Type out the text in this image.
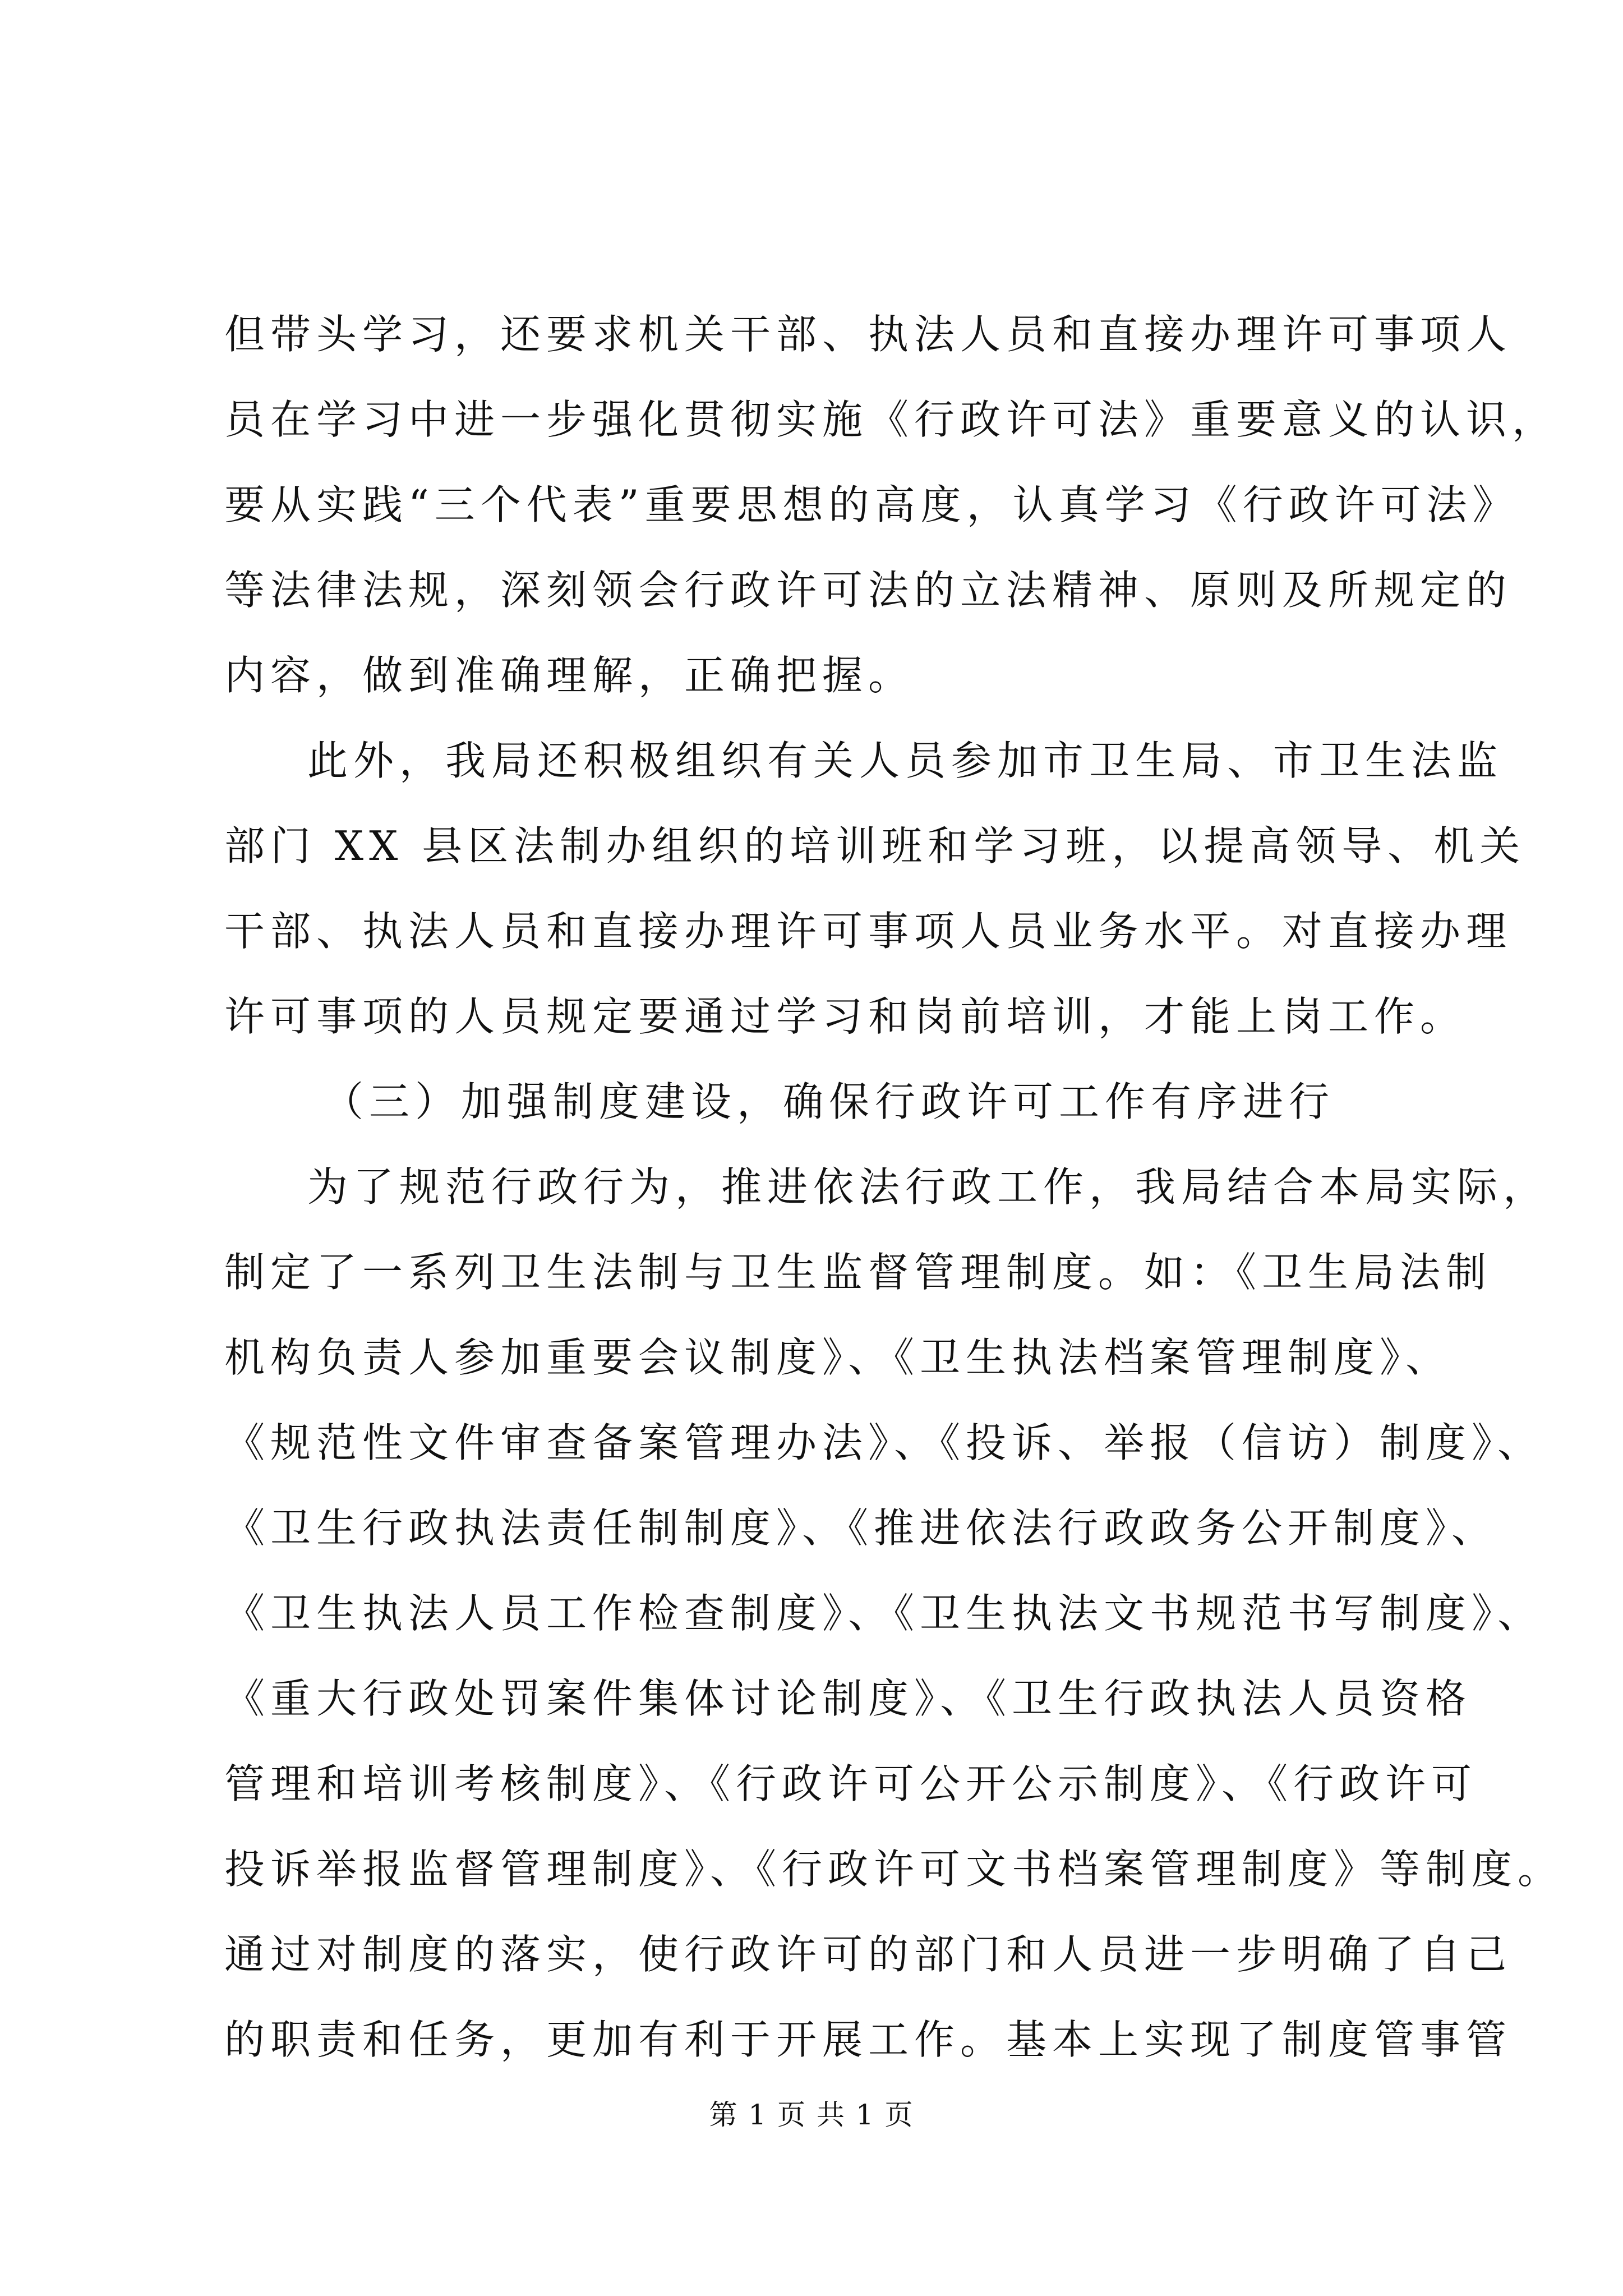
但带头学习，还要求机关干部、执法人员和直接办理许可事项人
员在学习中进一步强化贯彻实施《行政许可法》重要意义的认识，
要从实践“三个代表”重要思想的高度，认真学习《行政许可法》
等法律法规，深刻领会行政许可法的立法精神、原则及所规定的
内容，做到准确理解，正确把握。
此外，我局还积极组织有关人员参加市卫生局、市卫生法监
部门 XX 县区法制办组织的培训班和学习班，以提高领导、机关
干部、执法人员和直接办理许可事项人员业务水平。对直接办理
许可事项的人员规定要通过学习和岗前培训，才能上岗工作。
（三）加强制度建设，确保行政许可工作有序进行
为了规范行政行为，推进依法行政工作，我局结合本局实际，
制定了一系列卫生法制与卫生监督管理制度。如：《卫生局法制
机构负责人参加重要会议制度》、《卫生执法档案管理制度》、
《规范性文件审查备案管理办法》、《投诉、举报（信访）制度》、
《卫生行政执法责任制制度》、《推进依法行政政务公开制度》、
《卫生执法人员工作检查制度》、《卫生执法文书规范书写制度》、
《重大行政处罚案件集体讨论制度》、《卫生行政执法人员资格
管理和培训考核制度》、《行政许可公开公示制度》、《行政许可
投诉举报监督管理制度》、《行政许可文书档案管理制度》等制度。
通过对制度的落实，使行政许可的部门和人员进一步明确了自己
的职责和任务，更加有利于开展工作。基本上实现了制度管事管
第 1 页 共 1 页
